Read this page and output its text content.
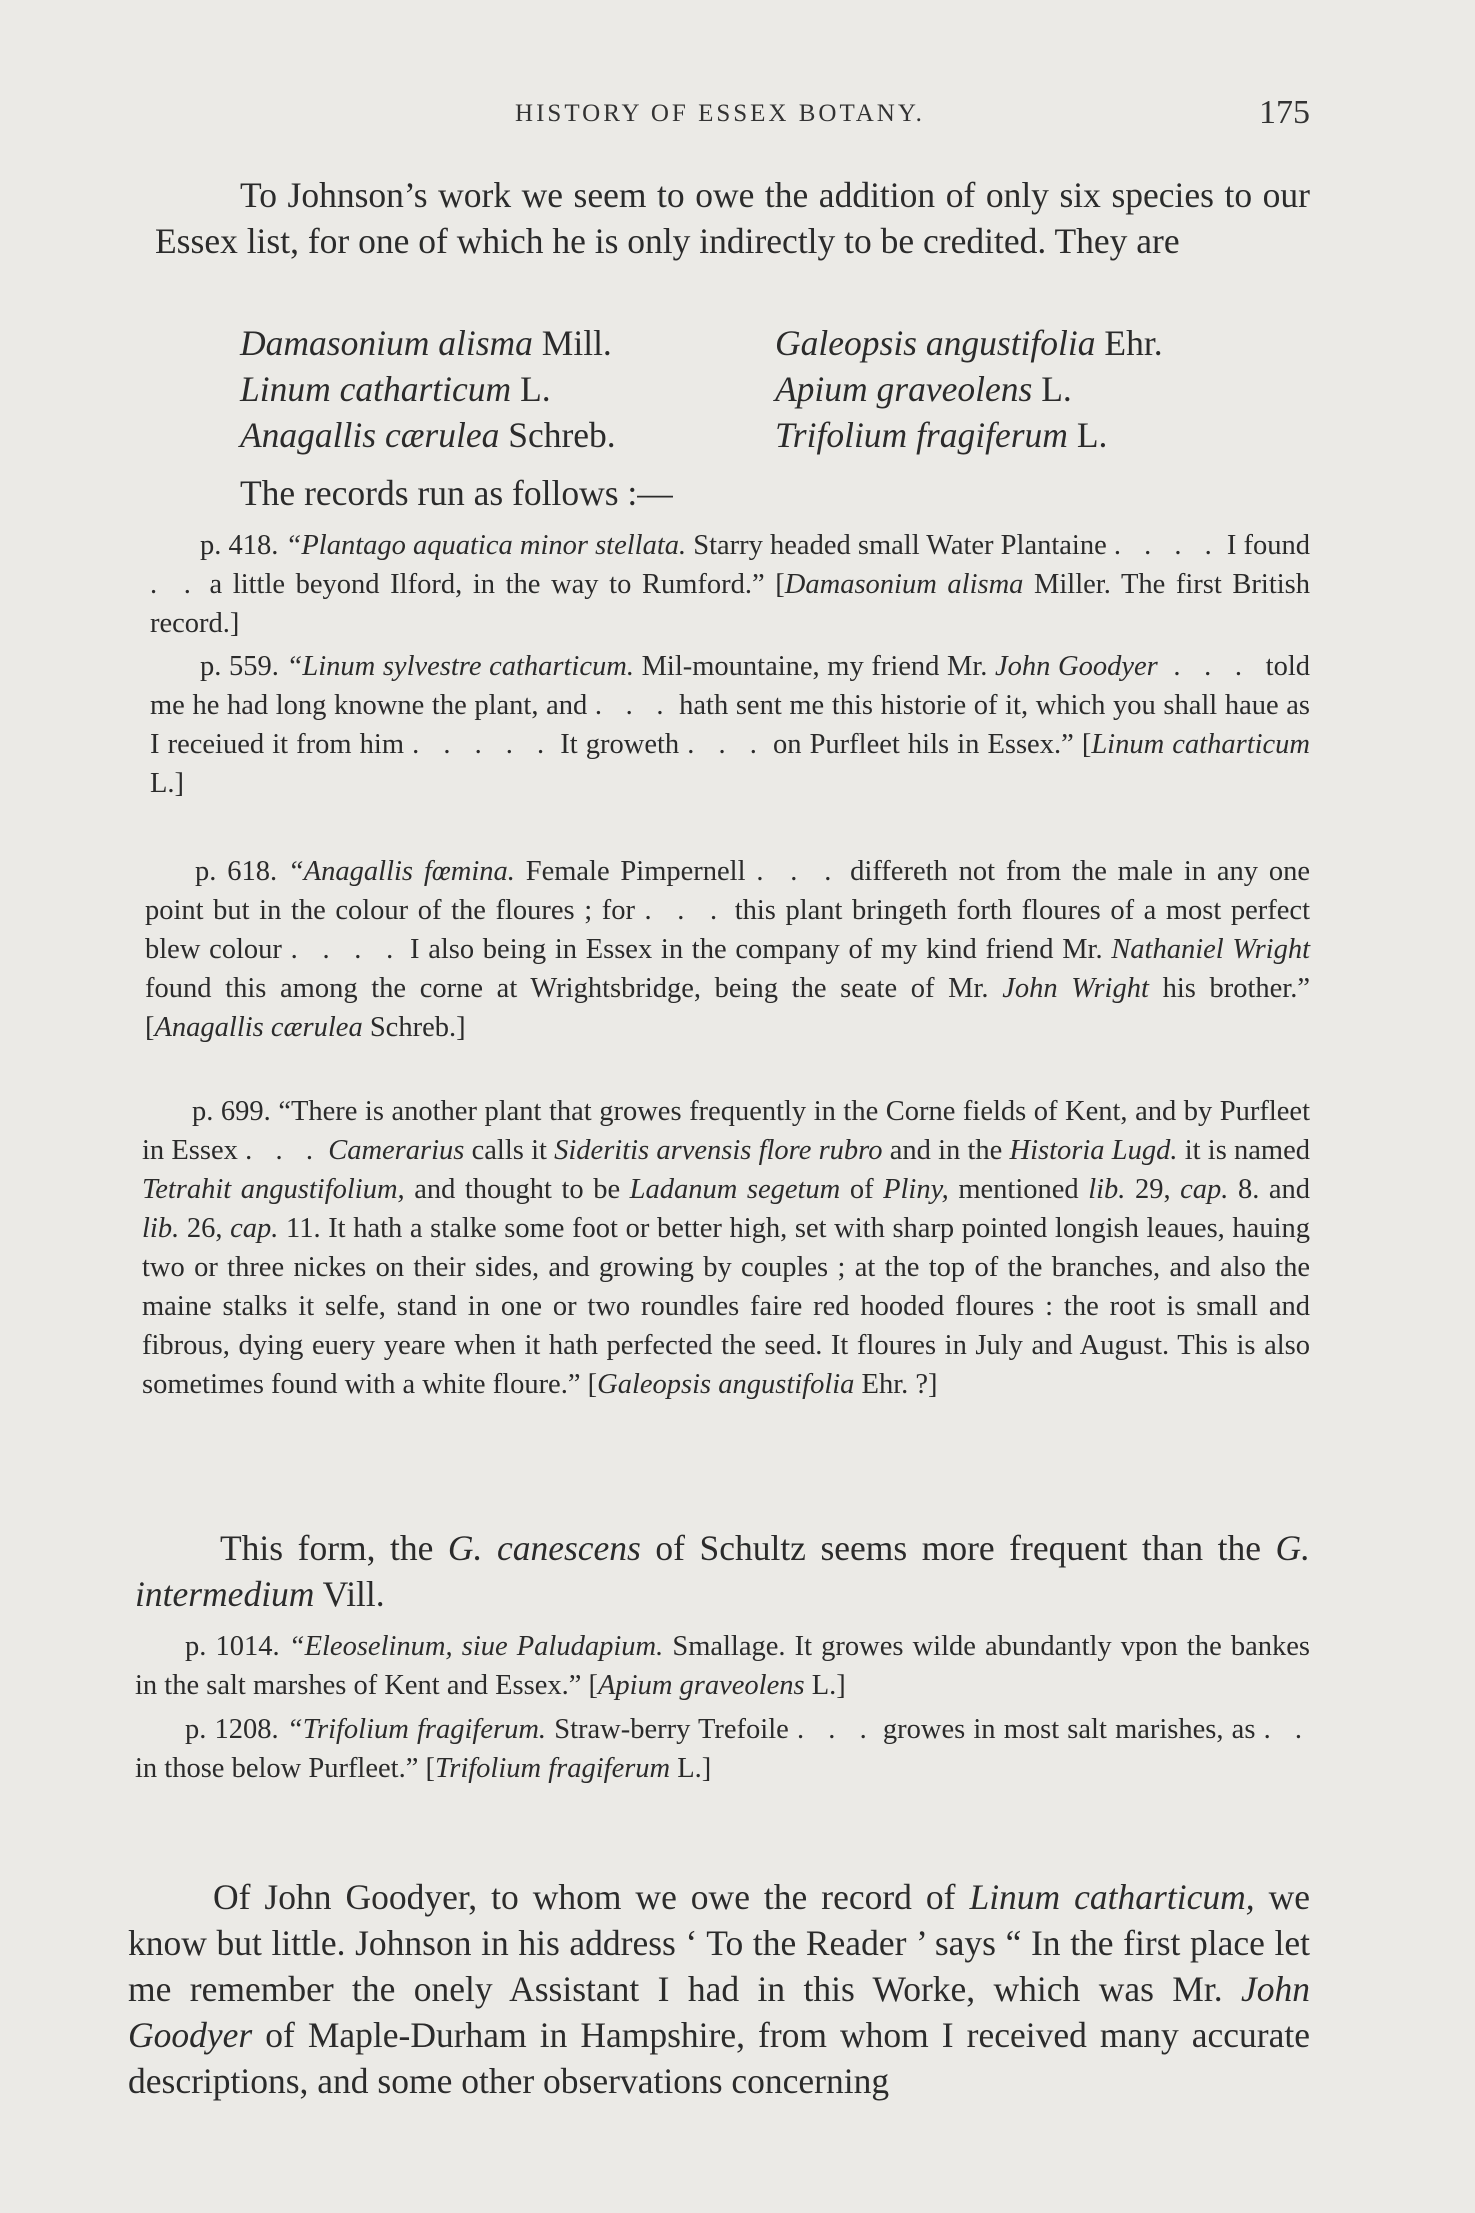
HISTORY OF ESSEX BOTANY.	175

To Johnson’s work we seem to owe the addition of only six species to our Essex list, for one of which he is only indirectly to be credited. They are

Damasonium alisma Mill.	Galeopsis angustifolia Ehr.
Linum catharticum L.	Apium graveolens L.
Anagallis cærulea Schreb.	Trifolium fragiferum L.
The records run as follows :—

p. 418. “Plantago aquatica minor stellata. Starry headed small Water Plantaine . . . . I found . . a little beyond Ilford, in the way to Rumford.” [Damasonium alisma Miller. The first British record.]

p. 559. “Linum sylvestre catharticum. Mil-mountaine, my friend Mr. John Goodyer . . . told me he had long knowne the plant, and . . . hath sent me this historie of it, which you shall haue as I receiued it from him . . . . . It groweth . . . on Purfleet hils in Essex.” [Linum catharticum L.]

p. 618. “Anagallis fœmina. Female Pimpernell . . . differeth not from the male in any one point but in the colour of the floures ; for . . . this plant bringeth forth floures of a most perfect blew colour . . . . I also being in Essex in the company of my kind friend Mr. Nathaniel Wright found this among the corne at Wrightsbridge, being the seate of Mr. John Wright his brother.” [Anagallis cærulea Schreb.]

p. 699. “There is another plant that growes frequently in the Corne fields of Kent, and by Purfleet in Essex . . . Camerarius calls it Sideritis arvensis flore rubro and in the Historia Lugd. it is named Tetrahit angustifolium, and thought to be Ladanum segetum of Pliny, mentioned lib. 29, cap. 8. and lib. 26, cap. 11. It hath a stalke some foot or better high, set with sharp pointed longish leaues, hauing two or three nickes on their sides, and growing by couples ; at the top of the branches, and also the maine stalks it selfe, stand in one or two roundles faire red hooded floures : the root is small and fibrous, dying euery yeare when it hath perfected the seed. It floures in July and August. This is also sometimes found with a white floure.” [Galeopsis angustifolia Ehr. ?]

This form, the G. canescens of Schultz seems more frequent than the G. intermedium Vill.

p. 1014. “Eleoselinum, siue Paludapium. Smallage. It growes wilde abundantly vpon the bankes in the salt marshes of Kent and Essex.” [Apium graveolens L.]

p. 1208. “Trifolium fragiferum. Straw-berry Trefoile . . . growes in most salt marishes, as . . in those below Purfleet.” [Trifolium fragiferum L.]

Of John Goodyer, to whom we owe the record of Linum catharticum, we know but little. Johnson in his address ‘ To the Reader ’ says “ In the first place let me remember the onely Assistant I had in this Worke, which was Mr. John Goodyer of Maple-Durham in Hampshire, from whom I received many accurate descriptions, and some other observations concerning
